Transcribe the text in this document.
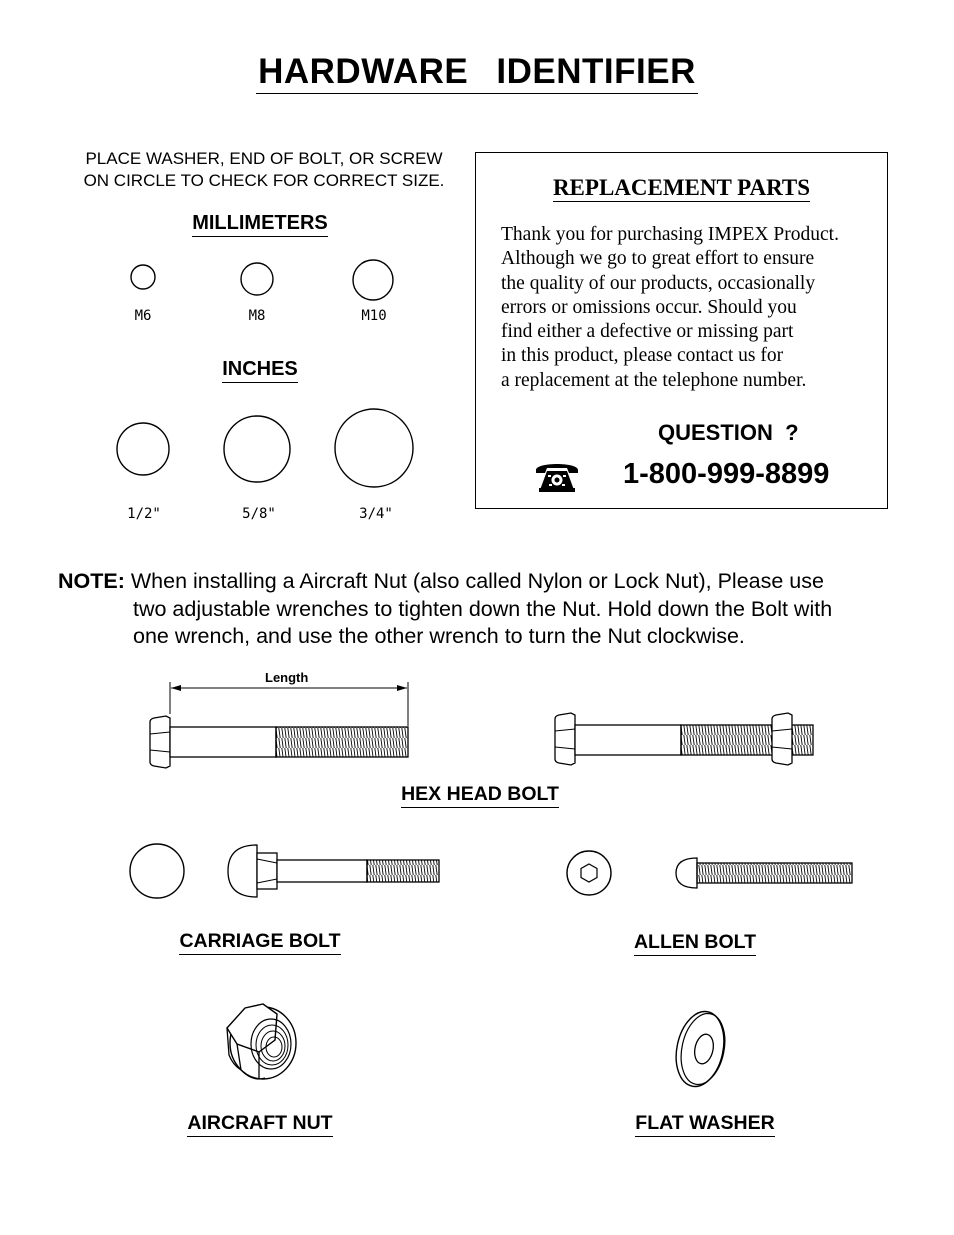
HARDWARE IDENTIFIER
PLACE WASHER, END OF BOLT, OR SCREW
ON CIRCLE TO CHECK FOR CORRECT SIZE.
MILLIMETERS
M6	M8	M10
INCHES
1/2"	5/8"	3/4"
REPLACEMENT PARTS
Thank you for purchasing IMPEX Product.
Although we go to great effort to ensure
the quality of our products, occasionally
errors or omissions occur. Should you
find either a defective or missing part
in this product, please contact us for
a replacement at the telephone number.
QUESTION  ?
1-800-999-8899
NOTE: When installing a Aircraft Nut (also called Nylon or Lock Nut), Please use
two adjustable wrenches to tighten down the Nut. Hold down the Bolt with
one wrench, and use the other wrench to turn the Nut clockwise.
Length
HEX HEAD BOLT
CARRIAGE BOLT	ALLEN BOLT
AIRCRAFT NUT	FLAT WASHER
